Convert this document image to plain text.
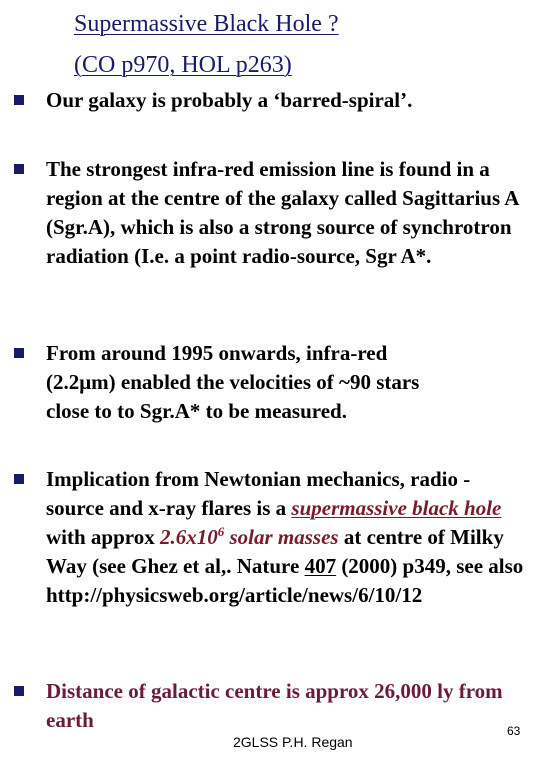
Supermassive Black Hole ?
(CO p970, HOL p263)
Our galaxy is probably a ‘barred-spiral’.
The strongest infra-red emission line is found in a region at the centre of the galaxy called Sagittarius A (Sgr.A), which is also a strong source of synchrotron radiation (I.e. a point radio-source, Sgr A*.
From around 1995 onwards, infra-red
(2.2μm) enabled the velocities of ~90 stars
close to to Sgr.A* to be measured.
Implication from Newtonian mechanics, radio -source and x-ray flares is a supermassive black hole with approx $2.6x10^6$ solar masses at centre of Milky Way (see Ghez et al,. Nature 407 (2000) p349, see also http://physicsweb.org/article/news/6/10/12
Distance of galactic centre is approx 26,000 ly from earth
2GLSS P.H. Regan
63
